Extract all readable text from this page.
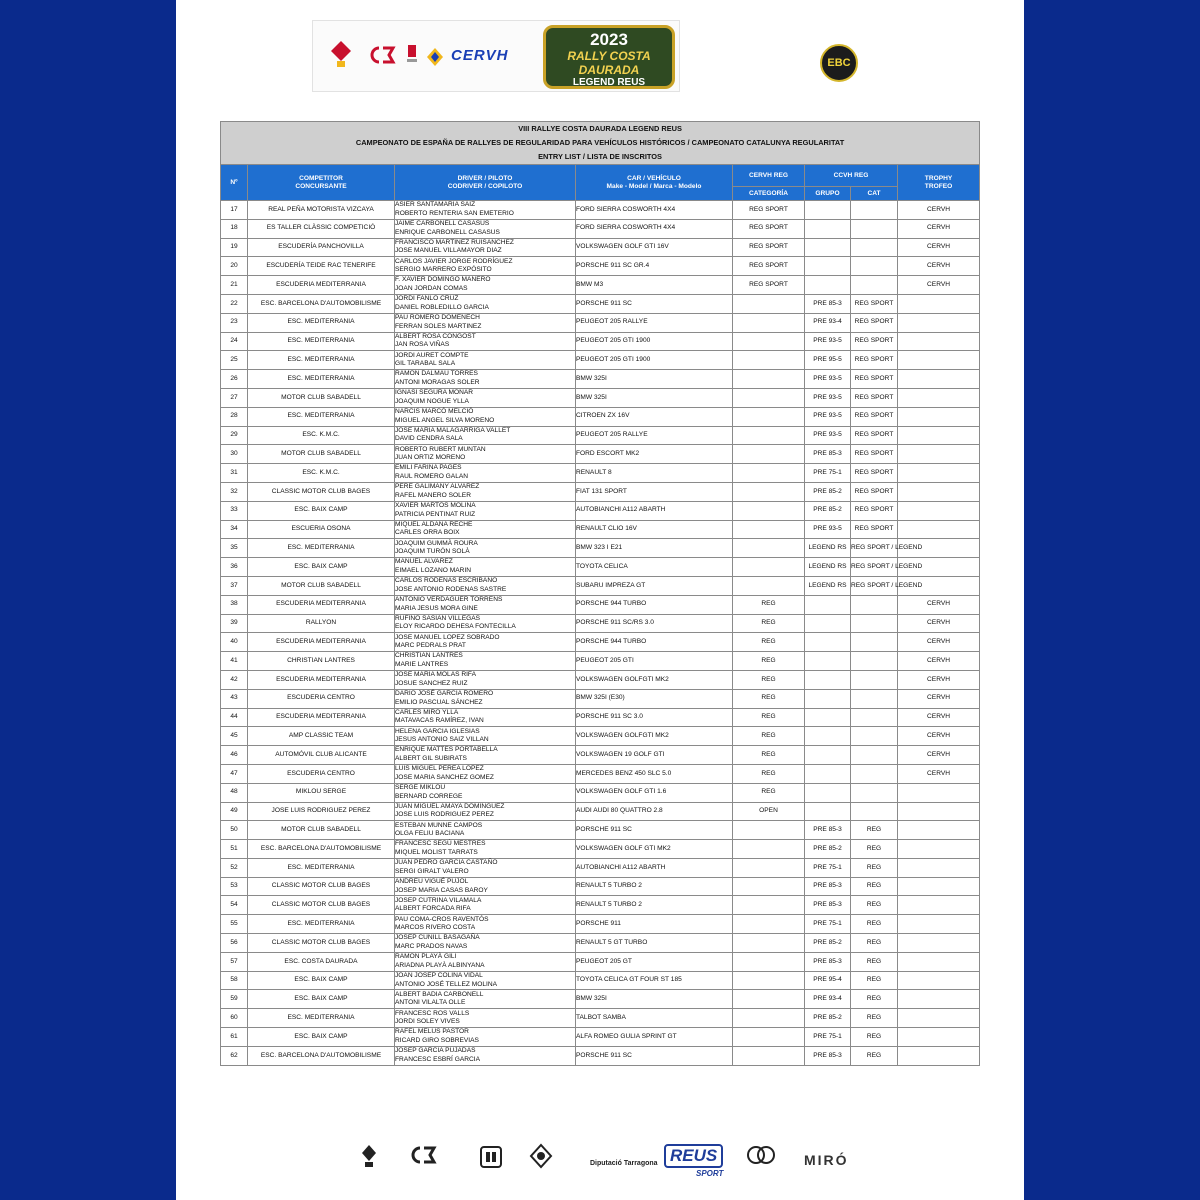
CERVH
2023
RALLY COSTA DAURADA
LEGEND REUS
EBC
VIII RALLYE COSTA DAURADA LEGEND REUS							
CAMPEONATO DE ESPAÑA DE RALLYES DE REGULARIDAD PARA VEHÍCULOS HISTÓRICOS / CAMPEONATO CATALUNYA REGULARITAT							
ENTRY LIST / LISTA DE INSCRITOS							
Nº	COMPETITOR
CONCURSANTE	DRIVER / PILOTO
CODRIVER / COPILOTO	CAR / VEHÍCULO
Make - Model / Marca - Modelo	CERVH REG	CCVH REG		TROPHY
TROFEO
				CATEGORÍA	GRUPO	CAT	
17	REAL PEÑA MOTORISTA VIZCAYA	ASIER SANTAMARIA SAIZ
ROBERTO RENTERIA SAN EMETERIO	FORD SIERRA COSWORTH 4X4	REG SPORT			CERVH
18	ES TALLER CLÀSSIC COMPETICIÓ	JAIME CARBONELL CASASUS
ENRIQUE CARBONELL CASASUS	FORD SIERRA COSWORTH 4X4	REG SPORT			CERVH
19	ESCUDERÍA PANCHOVILLA	FRANCISCO MARTINEZ RUISANCHEZ
JOSE MANUEL VILLAMAYOR DIAZ	VOLKSWAGEN GOLF GTI 16V	REG SPORT			CERVH
20	ESCUDERÍA TEIDE RAC TENERIFE	CARLOS JAVIER JORGE RODRÍGUEZ
SERGIO MARRERO EXPÓSITO	PORSCHE 911 SC GR.4	REG SPORT			CERVH
21	ESCUDERIA MEDITERRANIA	F. XAVIER DOMINGO MANERO
JOAN JORDAN COMAS	BMW M3	REG SPORT			CERVH
22	ESC. BARCELONA D'AUTOMOBILISME	JORDI FANLO CRUZ
DANIEL ROBLEDILLO GARCIA	PORSCHE 911 SC		PRE 85-3	REG SPORT	
23	ESC. MEDITERRANIA	PAU ROMERO DOMENECH
FERRAN SOLES MARTINEZ	PEUGEOT 205 RALLYE		PRE 93-4	REG SPORT	
24	ESC. MEDITERRANIA	ALBERT ROSA CONGOST
JAN ROSA VIÑAS	PEUGEOT 205 GTI 1900		PRE 93-5	REG SPORT	
25	ESC. MEDITERRANIA	JORDI AURET COMPTE
GIL TARABAL SALA	PEUGEOT 205 GTI 1900		PRE 95-5	REG SPORT	
26	ESC. MEDITERRANIA	RAMON DALMAU TORRES
ANTONI MORAGAS SOLER	BMW 325I		PRE 93-5	REG SPORT	
27	MOTOR CLUB SABADELL	IGNASI SEGURA MONAR
JOAQUIM NOGUE YLLA	BMW 325I		PRE 93-5	REG SPORT	
28	ESC. MEDITERRANIA	NARCIS MARCÓ MELCIÓ
MIGUEL ANGEL SILVA MORENO	CITROEN ZX 16V		PRE 93-5	REG SPORT	
29	ESC. K.M.C.	JOSE MARIA MALAGARRIGA VALLET
DAVID CENDRA SALA	PEUGEOT 205 RALLYE		PRE 93-5	REG SPORT	
30	MOTOR CLUB SABADELL	ROBERTO RUBERT MUNTAN
JUAN ORTIZ MORENO	FORD ESCORT MK2		PRE 85-3	REG SPORT	
31	ESC. K.M.C.	EMILI FARINA PAGES
RAUL ROMERO GALAN	RENAULT 8		PRE 75-1	REG SPORT	
32	CLASSIC MOTOR CLUB BAGES	PERE GALIMANY ALVAREZ
RAFEL MANERO SOLER	FIAT 131 SPORT		PRE 85-2	REG SPORT	
33	ESC. BAIX CAMP	XAVIER MARTOS MOLINA
PATRICIA PENTINAT RUIZ	AUTOBIANCHI A112 ABARTH		PRE 85-2	REG SPORT	
34	ESCUERIA OSONA	MIQUEL ALDANA RECHE
CARLES ORRA BOIX	RENAULT CLIO 16V		PRE 93-5	REG SPORT	
35	ESC. MEDITERRANIA	JOAQUIM GUMMÀ ROURA
JOAQUIM TURÓN SOLÀ	BMW 323 I E21		LEGEND RS	REG SPORT / LEGEND	
36	ESC. BAIX CAMP	MANUEL ALVAREZ
EIMAEL LOZANO MARIN	TOYOTA CELICA		LEGEND RS	REG SPORT / LEGEND	
37	MOTOR CLUB SABADELL	CARLOS RODENAS ESCRIBANO
JOSE ANTONIO RODENAS SASTRE	SUBARU IMPREZA GT		LEGEND RS	REG SPORT / LEGEND	
38	ESCUDERIA MEDITERRANIA	ANTONIO VERDAGUER TORRENS
MARIA JESUS MORA GINE	PORSCHE 944 TURBO	REG			CERVH
39	RALLYON	RUFINO SASIAN VILLEGAS
ELOY RICARDO DEHESA FONTECILLA	PORSCHE 911 SC/RS 3.0	REG			CERVH
40	ESCUDERIA MEDITERRANIA	JOSE MANUEL LOPEZ SOBRADO
MARC PEDRALS PRAT	PORSCHE 944 TURBO	REG			CERVH
41	CHRISTIAN LANTRES	CHRISTIAN LANTRES
MARIE LANTRES	PEUGEOT 205 GTI	REG			CERVH
42	ESCUDERIA MEDITERRANIA	JOSE MARIA MOLAS RIFA
JOSUE SANCHEZ RUIZ	VOLKSWAGEN GOLFGTI MK2	REG			CERVH
43	ESCUDERIA CENTRO	DARIO JOSÉ GARCIA ROMERO
EMILIO PASCUAL SÁNCHEZ	BMW 325I (E30)	REG			CERVH
44	ESCUDERIA MEDITERRANIA	CARLES MIRO YLLA
MATAVACAS RAMÍREZ, IVAN	PORSCHE 911 SC 3.0	REG			CERVH
45	AMP CLASSIC TEAM	HELENA GARCIA IGLESIAS
JESUS ANTONIO SAIZ VILLAN	VOLKSWAGEN GOLFGTI MK2	REG			CERVH
46	AUTOMÓVIL CLUB ALICANTE	ENRIQUE MATTES PORTABELLA
ALBERT GIL SUBIRATS	VOLKSWAGEN 19 GOLF GTI	REG			CERVH
47	ESCUDERIA CENTRO	LUIS MIGUEL PEREA LOPEZ
JOSE MARIA SANCHEZ GOMEZ	MERCEDES BENZ 450 SLC 5.0	REG			CERVH
48	MIKLOU SERGE	SERGE MIKLOU
BERNARD CORREGE	VOLKSWAGEN GOLF GTI 1.6	REG			
49	JOSE LUIS RODRIGUEZ PEREZ	JUAN MIGUEL AMAYA DOMINGUEZ
JOSE LUIS RODRIGUEZ PEREZ	AUDI AUDI 80 QUATTRO 2.8	OPEN			
50	MOTOR CLUB SABADELL	ESTEBAN MUNNE CAMPOS
OLGA FELIU BACIANA	PORSCHE 911 SC		PRE 85-3	REG	
51	ESC. BARCELONA D'AUTOMOBILISME	FRANCESC SEGÚ MESTRES
MIQUEL MOLIST TARRATS	VOLKSWAGEN GOLF GTI MK2		PRE 85-2	REG	
52	ESC. MEDITERRANIA	JUAN PEDRO GARCIA CASTAÑO
SERGI GIRALT VALERO	AUTOBIANCHI A112 ABARTH		PRE 75-1	REG	
53	CLASSIC MOTOR CLUB BAGES	ANDREU VIGUÉ PUJOL
JOSEP MARIA CASAS BAROY	RENAULT 5 TURBO 2		PRE 85-3	REG	
54	CLASSIC MOTOR CLUB BAGES	JOSEP CUTRINA VILAMALA
ALBERT FORCADA RIFA	RENAULT 5 TURBO 2		PRE 85-3	REG	
55	ESC. MEDITERRANIA	PAU COMA-CROS RAVENTÓS
MARCOS RIVERO COSTA	PORSCHE 911		PRE 75-1	REG	
56	CLASSIC MOTOR CLUB BAGES	JOSEP CUNILL BASAGAÑA
MARC PRADOS NAVAS	RENAULT 5 GT TURBO		PRE 85-2	REG	
57	ESC. COSTA DAURADA	RAMON PLAYÀ GILI
ARIADNA PLAYÀ ALBINYANA	PEUGEOT 205 GT		PRE 85-3	REG	
58	ESC. BAIX CAMP	JOAN JOSEP COLINA VIDAL
ANTONIO JOSÉ TELLEZ MOLINA	TOYOTA CELICA GT FOUR ST 185		PRE 95-4	REG	
59	ESC. BAIX CAMP	ALBERT BADIA CARBONELL
ANTONI VILALTA OLLE	BMW 325I		PRE 93-4	REG	
60	ESC. MEDITERRANIA	FRANCESC ROS VALLS
JORDI SOLEY VIVES	TALBOT SAMBA		PRE 85-2	REG	
61	ESC. BAIX CAMP	RAFEL MELUS PASTOR
RICARD GIRO SOBREVIAS	ALFA ROMEO GULIA SPRINT GT		PRE 75-1	REG	
62	ESC. BARCELONA D'AUTOMOBILISME	JOSEP GARCIA PUJADAS
FRANCESC ESBRÍ GARCIA	PORSCHE 911 SC		PRE 85-3	REG	
Diputació Tarragona REUS
SPORT
MIRÓ
